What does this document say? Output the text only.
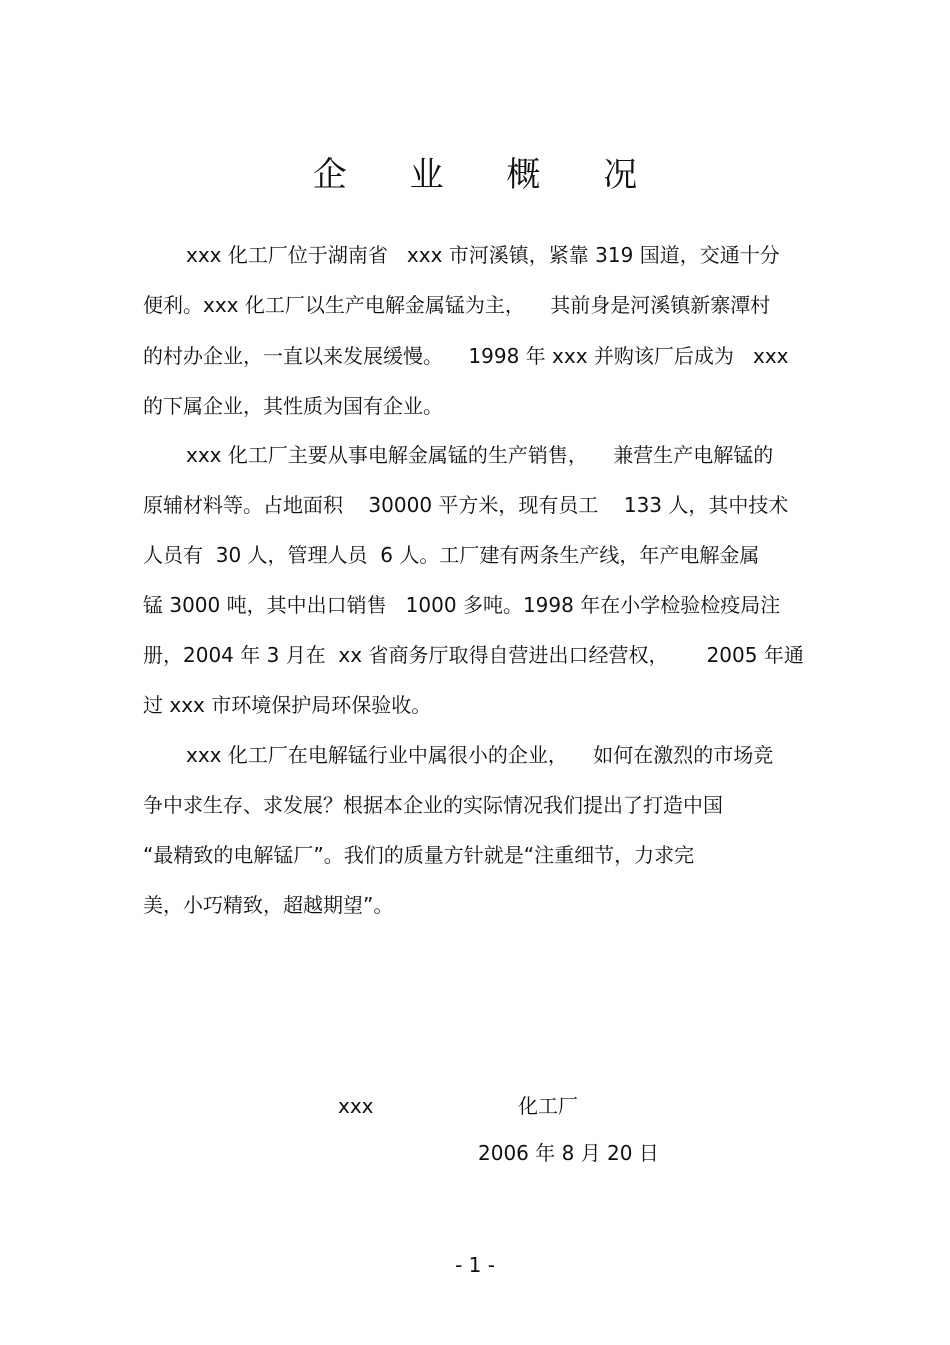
企 业 概 况
xxx 化工厂位于湖南省   xxx 市河溪镇，紧靠 319 国道，交通十分
便利。xxx 化工厂以生产电解金属锰为主，    其前身是河溪镇新寨潭村
的村办企业，一直以来发展缓慢。    1998 年 xxx 并购该厂后成为   xxx
的下属企业，其性质为国有企业。
xxx 化工厂主要从事电解金属锰的生产销售，    兼营生产电解锰的
原辅材料等。占地面积    30000 平方米，现有员工    133 人，其中技术
人员有  30 人，管理人员  6 人。工厂建有两条生产线，年产电解金属
锰 3000 吨，其中出口销售   1000 多吨。1998 年在小学检验检疫局注
册，2004 年 3 月在  xx 省商务厅取得自营进出口经营权，      2005 年通
过 xxx 市环境保护局环保验收。
xxx 化工厂在电解锰行业中属很小的企业，    如何在激烈的市场竞
争中求生存、求发展？根据本企业的实际情况我们提出了打造中国
“最精致的电解锰厂”。我们的质量方针就是“注重细节，力求完
美，小巧精致，超越期望”。
xxx	化工厂
2006 年 8 月 20 日
- 1 -
